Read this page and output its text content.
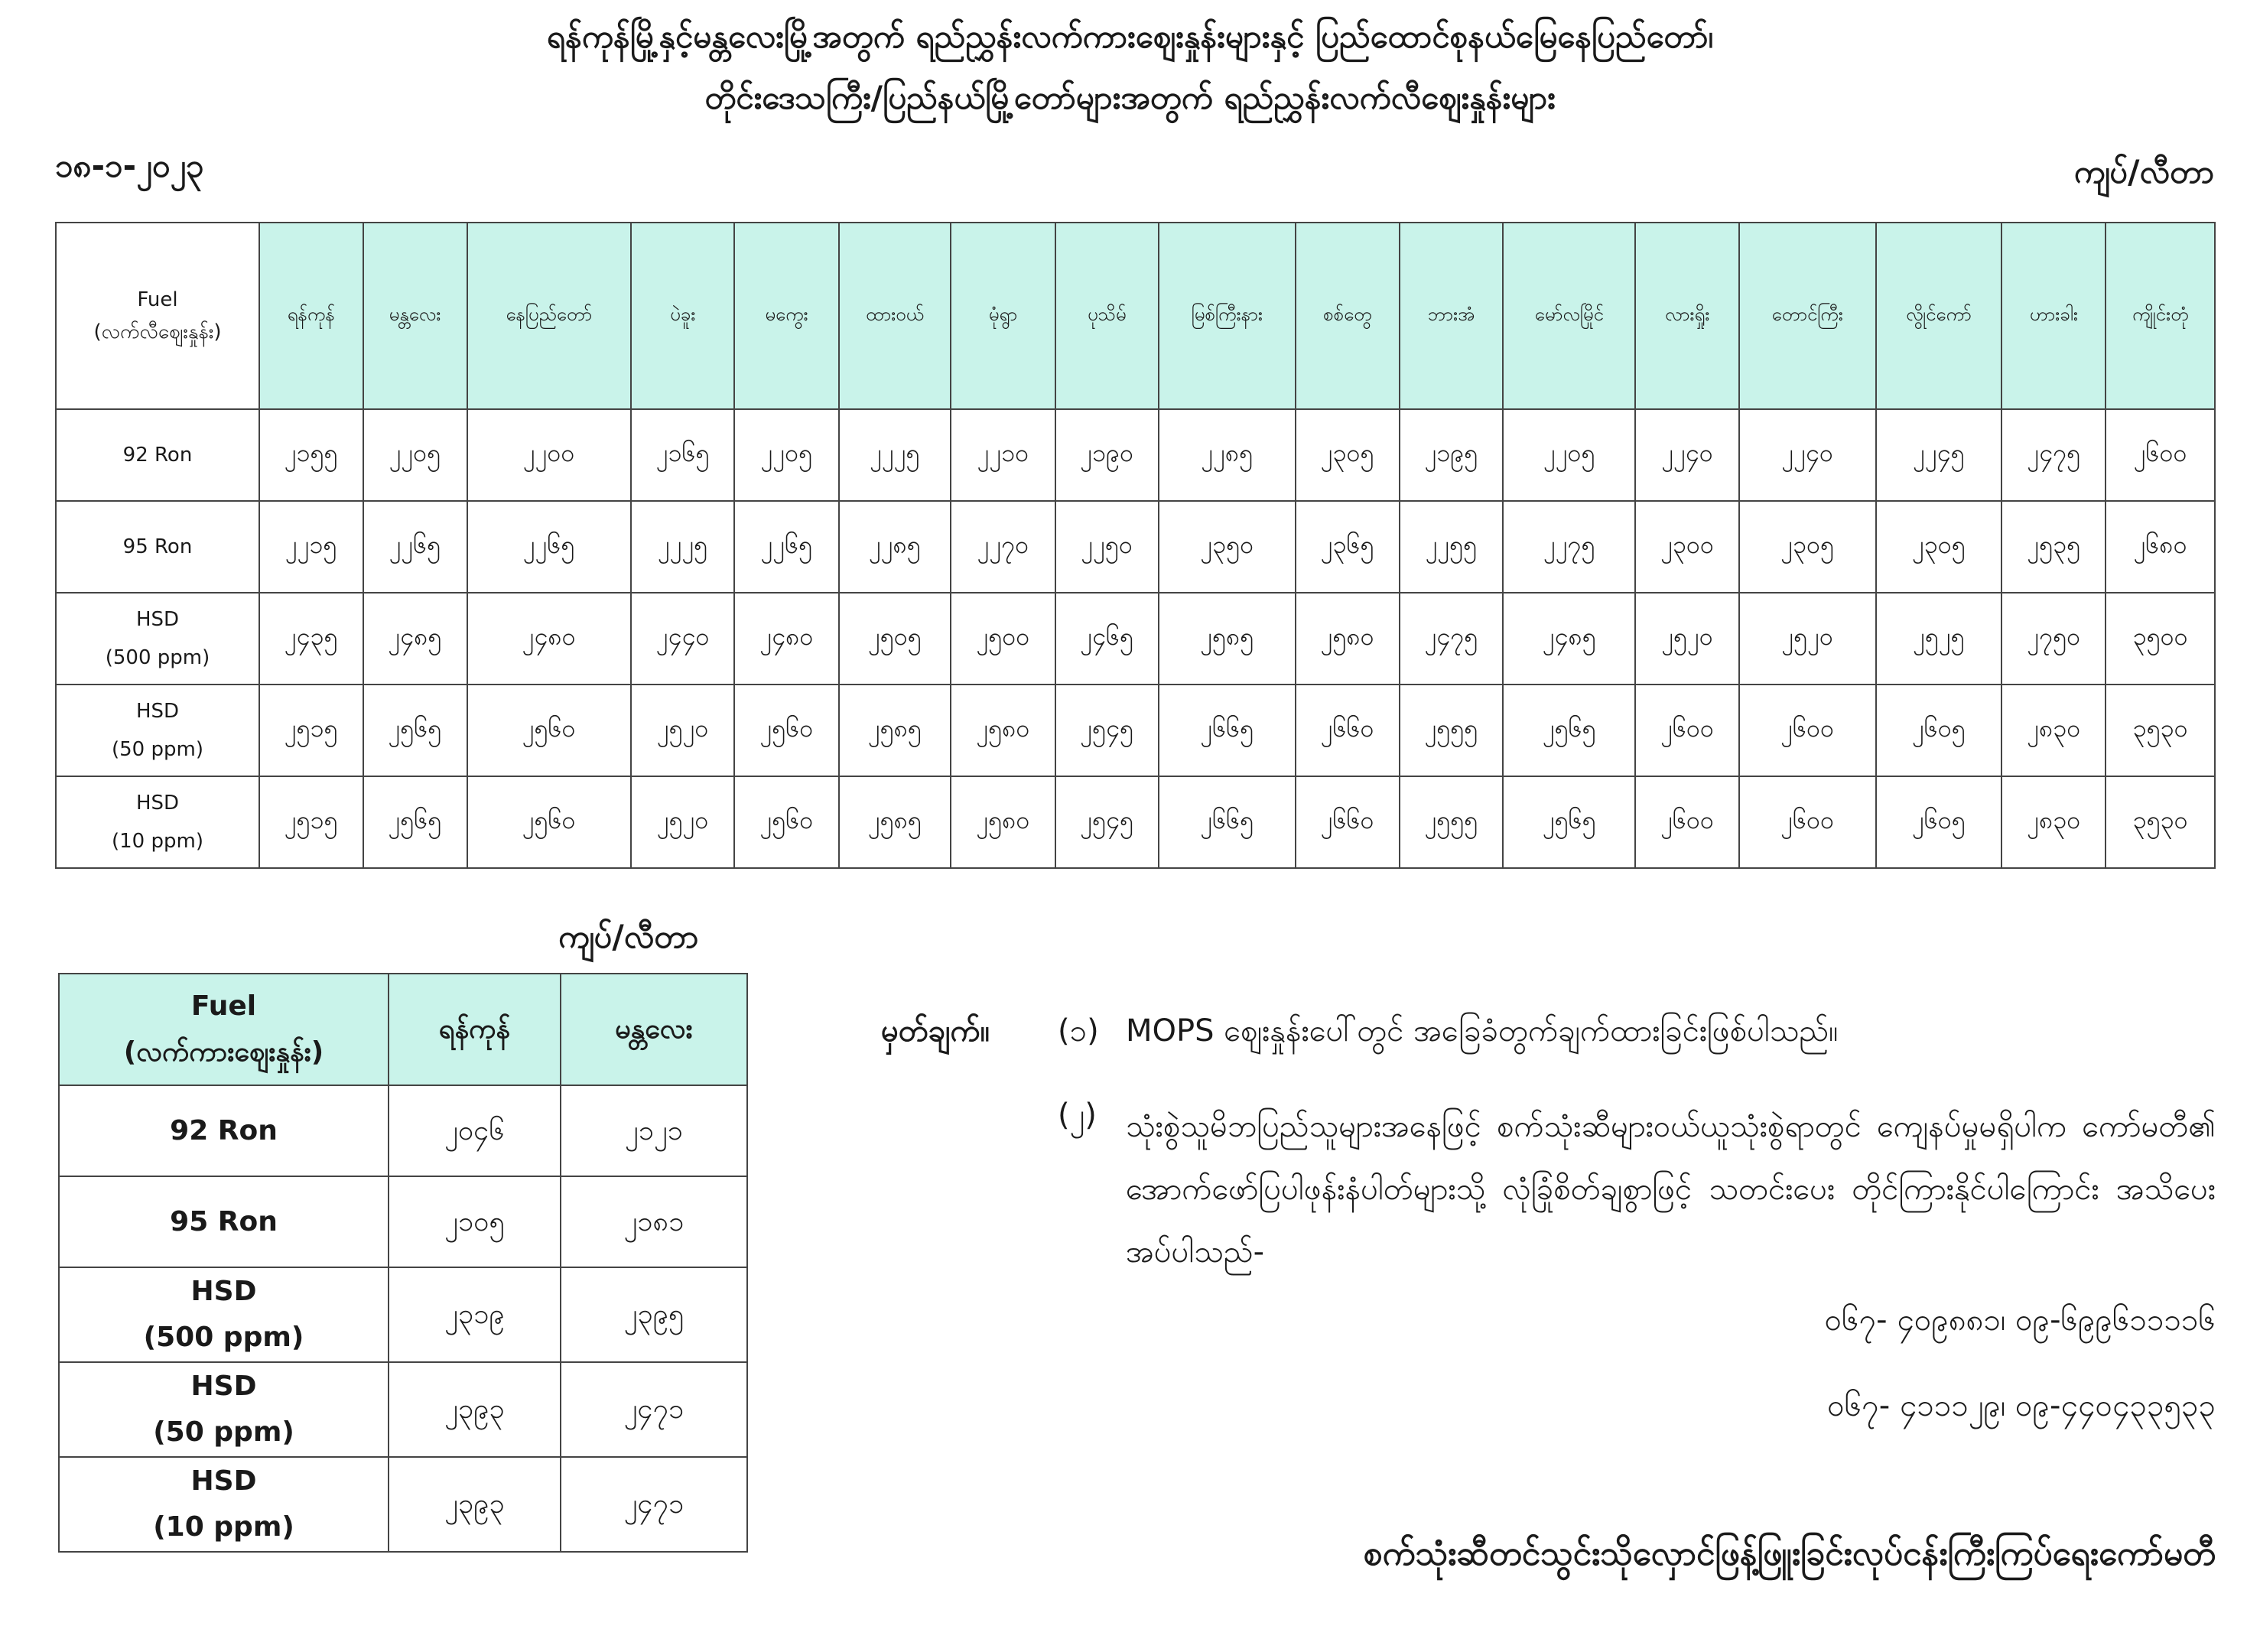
ရန်ကုန်မြို့နှင့်မန္တလေးမြို့အတွက် ရည်ညွှန်းလက်ကားဈေးနှုန်းများနှင့် ပြည်ထောင်စုနယ်မြေနေပြည်တော်၊
တိုင်းဒေသကြီး/ပြည်နယ်မြို့တော်များအတွက် ရည်ညွှန်းလက်လီဈေးနှုန်းများ
၁၈-၁-၂၀၂၃	ကျပ်/လီတာ
Fuel
(လက်လီဈေးနှုန်း)	ရန်ကုန်	မန္တလေး	နေပြည်တော်	ပဲခူး	မကွေး	ထားဝယ်	မုံရွာ	ပုသိမ်	မြစ်ကြီးနား	စစ်တွေ	ဘားအံ	မော်လမြိုင်	လားရှိုး	တောင်ကြီး	လွိုင်ကော်	ဟားခါး	ကျိုင်းတုံ

92 Ron	၂၁၅၅	၂၂၀၅	၂၂၀၀	၂၁၆၅	၂၂၀၅	၂၂၂၅	၂၂၁၀	၂၁၉၀	၂၂၈၅	၂၃၀၅	၂၁၉၅	၂၂၀၅	၂၂၄၀	၂၂၄၀	၂၂၄၅	၂၄၇၅	၂၆၀၀

95 Ron	၂၂၁၅	၂၂၆၅	၂၂၆၅	၂၂၂၅	၂၂၆၅	၂၂၈၅	၂၂၇၀	၂၂၅၀	၂၃၅၀	၂၃၆၅	၂၂၅၅	၂၂၇၅	၂၃၀၀	၂၃၀၅	၂၃၀၅	၂၅၃၅	၂၆၈၀

HSD
(500 ppm)	၂၄၃၅	၂၄၈၅	၂၄၈၀	၂၄၄၀	၂၄၈၀	၂၅၀၅	၂၅၀၀	၂၄၆၅	၂၅၈၅	၂၅၈၀	၂၄၇၅	၂၄၈၅	၂၅၂၀	၂၅၂၀	၂၅၂၅	၂၇၅၀	၃၅၀၀

HSD
(50 ppm)	၂၅၁၅	၂၅၆၅	၂၅၆၀	၂၅၂၀	၂၅၆၀	၂၅၈၅	၂၅၈၀	၂၅၄၅	၂၆၆၅	၂၆၆၀	၂၅၅၅	၂၅၆၅	၂၆၀၀	၂၆၀၀	၂၆၀၅	၂၈၃၀	၃၅၃၀

HSD
(10 ppm)	၂၅၁၅	၂၅၆၅	၂၅၆၀	၂၅၂၀	၂၅၆၀	၂၅၈၅	၂၅၈၀	၂၅၄၅	၂၆၆၅	၂၆၆၀	၂၅၅၅	၂၅၆၅	၂၆၀၀	၂၆၀၀	၂၆၀၅	၂၈၃၀	၃၅၃၀
ကျပ်/လီတာ
Fuel
(လက်ကားဈေးနှုန်း)	ရန်ကုန်	မန္တလေး

92 Ron	၂၀၄၆	၂၁၂၁

95 Ron	၂၁၀၅	၂၁၈၁

HSD
(500 ppm)	၂၃၁၉	၂၃၉၅

HSD
(50 ppm)	၂၃၉၃	၂၄၇၁

HSD
(10 ppm)	၂၃၉၃	၂၄၇၁
မှတ်ချက်။ (၁) MOPS ဈေးနှုန်းပေါ်တွင် အခြေခံတွက်ချက်ထားခြင်းဖြစ်ပါသည်။
(၂) သုံးစွဲသူမိဘပြည်သူများအနေဖြင့် စက်သုံးဆီများဝယ်ယူသုံးစွဲရာတွင် ကျေနပ်မှုမရှိပါက ကော်မတီ၏ အောက်ဖော်ပြပါဖုန်းနံပါတ်များသို့ လုံခြုံစိတ်ချစွာဖြင့် သတင်းပေး တိုင်ကြားနိုင်ပါကြောင်း အသိပေးအပ်ပါသည်-
၀၆၇- ၄၀၉၈၈၁၊ ၀၉-၆၉၉၆၁၁၁၁၆
၀၆၇- ၄၁၁၁၂၉၊ ၀၉-၄၄၀၄၃၃၅၃၃
စက်သုံးဆီတင်သွင်းသိုလှောင်ဖြန့်ဖြူးခြင်းလုပ်ငန်းကြီးကြပ်ရေးကော်မတီ
